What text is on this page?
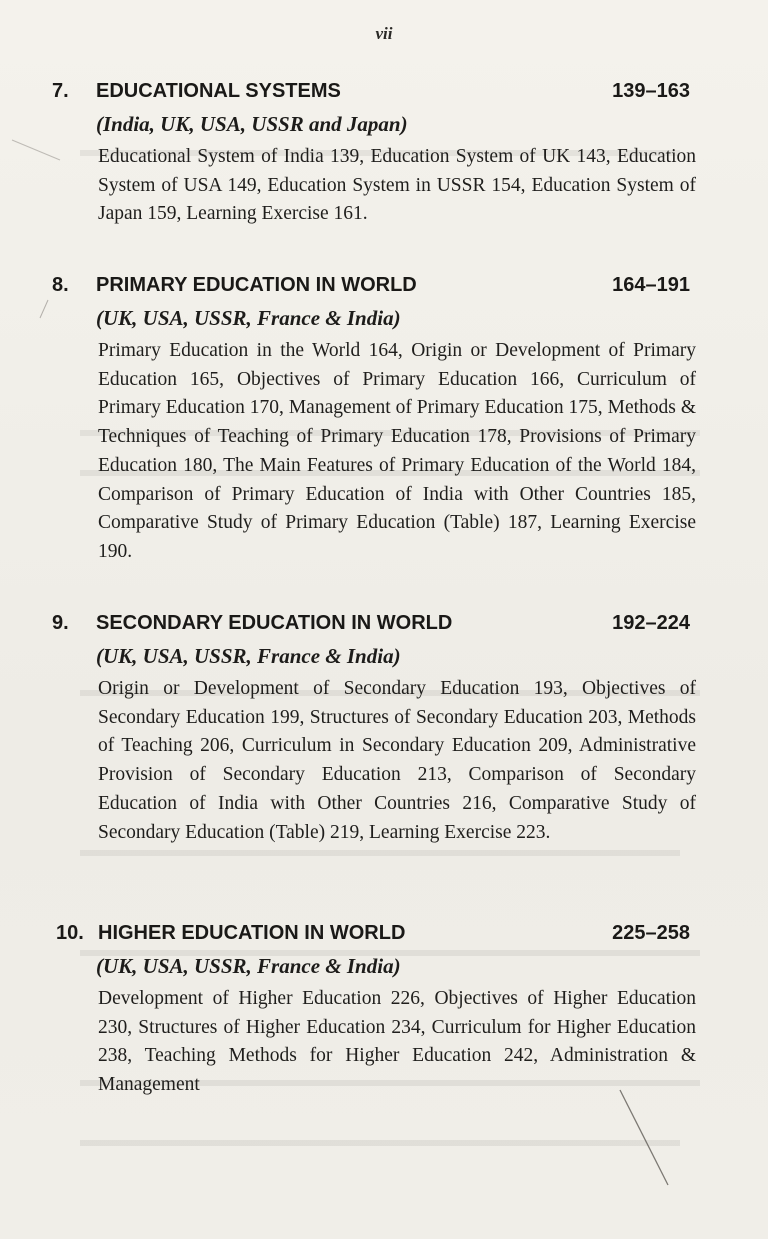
vii
7. EDUCATIONAL SYSTEMS	139–163
(India, UK, USA, USSR and Japan)
Educational System of India 139, Education System of UK 143, Education System of USA 149, Education System in USSR 154, Education System of Japan 159, Learning Exercise 161.
8. PRIMARY EDUCATION IN WORLD	164–191
(UK, USA, USSR, France & India)
Primary Education in the World 164, Origin or Development of Primary Education 165, Objectives of Primary Education 166, Curriculum of Primary Education 170, Management of Primary Education 175, Methods & Techniques of Teaching of Primary Education 178, Provisions of Primary Education 180, The Main Features of Primary Education of the World 184, Comparison of Primary Education of India with Other Countries 185, Comparative Study of Primary Education (Table) 187, Learning Exercise 190.
9. SECONDARY EDUCATION IN WORLD	192–224
(UK, USA, USSR, France & India)
Origin or Development of Secondary Education 193, Objectives of Secondary Education 199, Structures of Secondary Education 203, Methods of Teaching 206, Curriculum in Secondary Education 209, Administrative Provision of Secondary Education 213, Comparison of Secondary Education of India with Other Countries 216, Comparative Study of Secondary Education (Table) 219, Learning Exercise 223.
10. HIGHER EDUCATION IN WORLD	225–258
(UK, USA, USSR, France & India)
Development of Higher Education 226, Objectives of Higher Education 230, Structures of Higher Education 234, Curriculum for Higher Education 238, Teaching Methods for Higher Education 242, Administration & Management
